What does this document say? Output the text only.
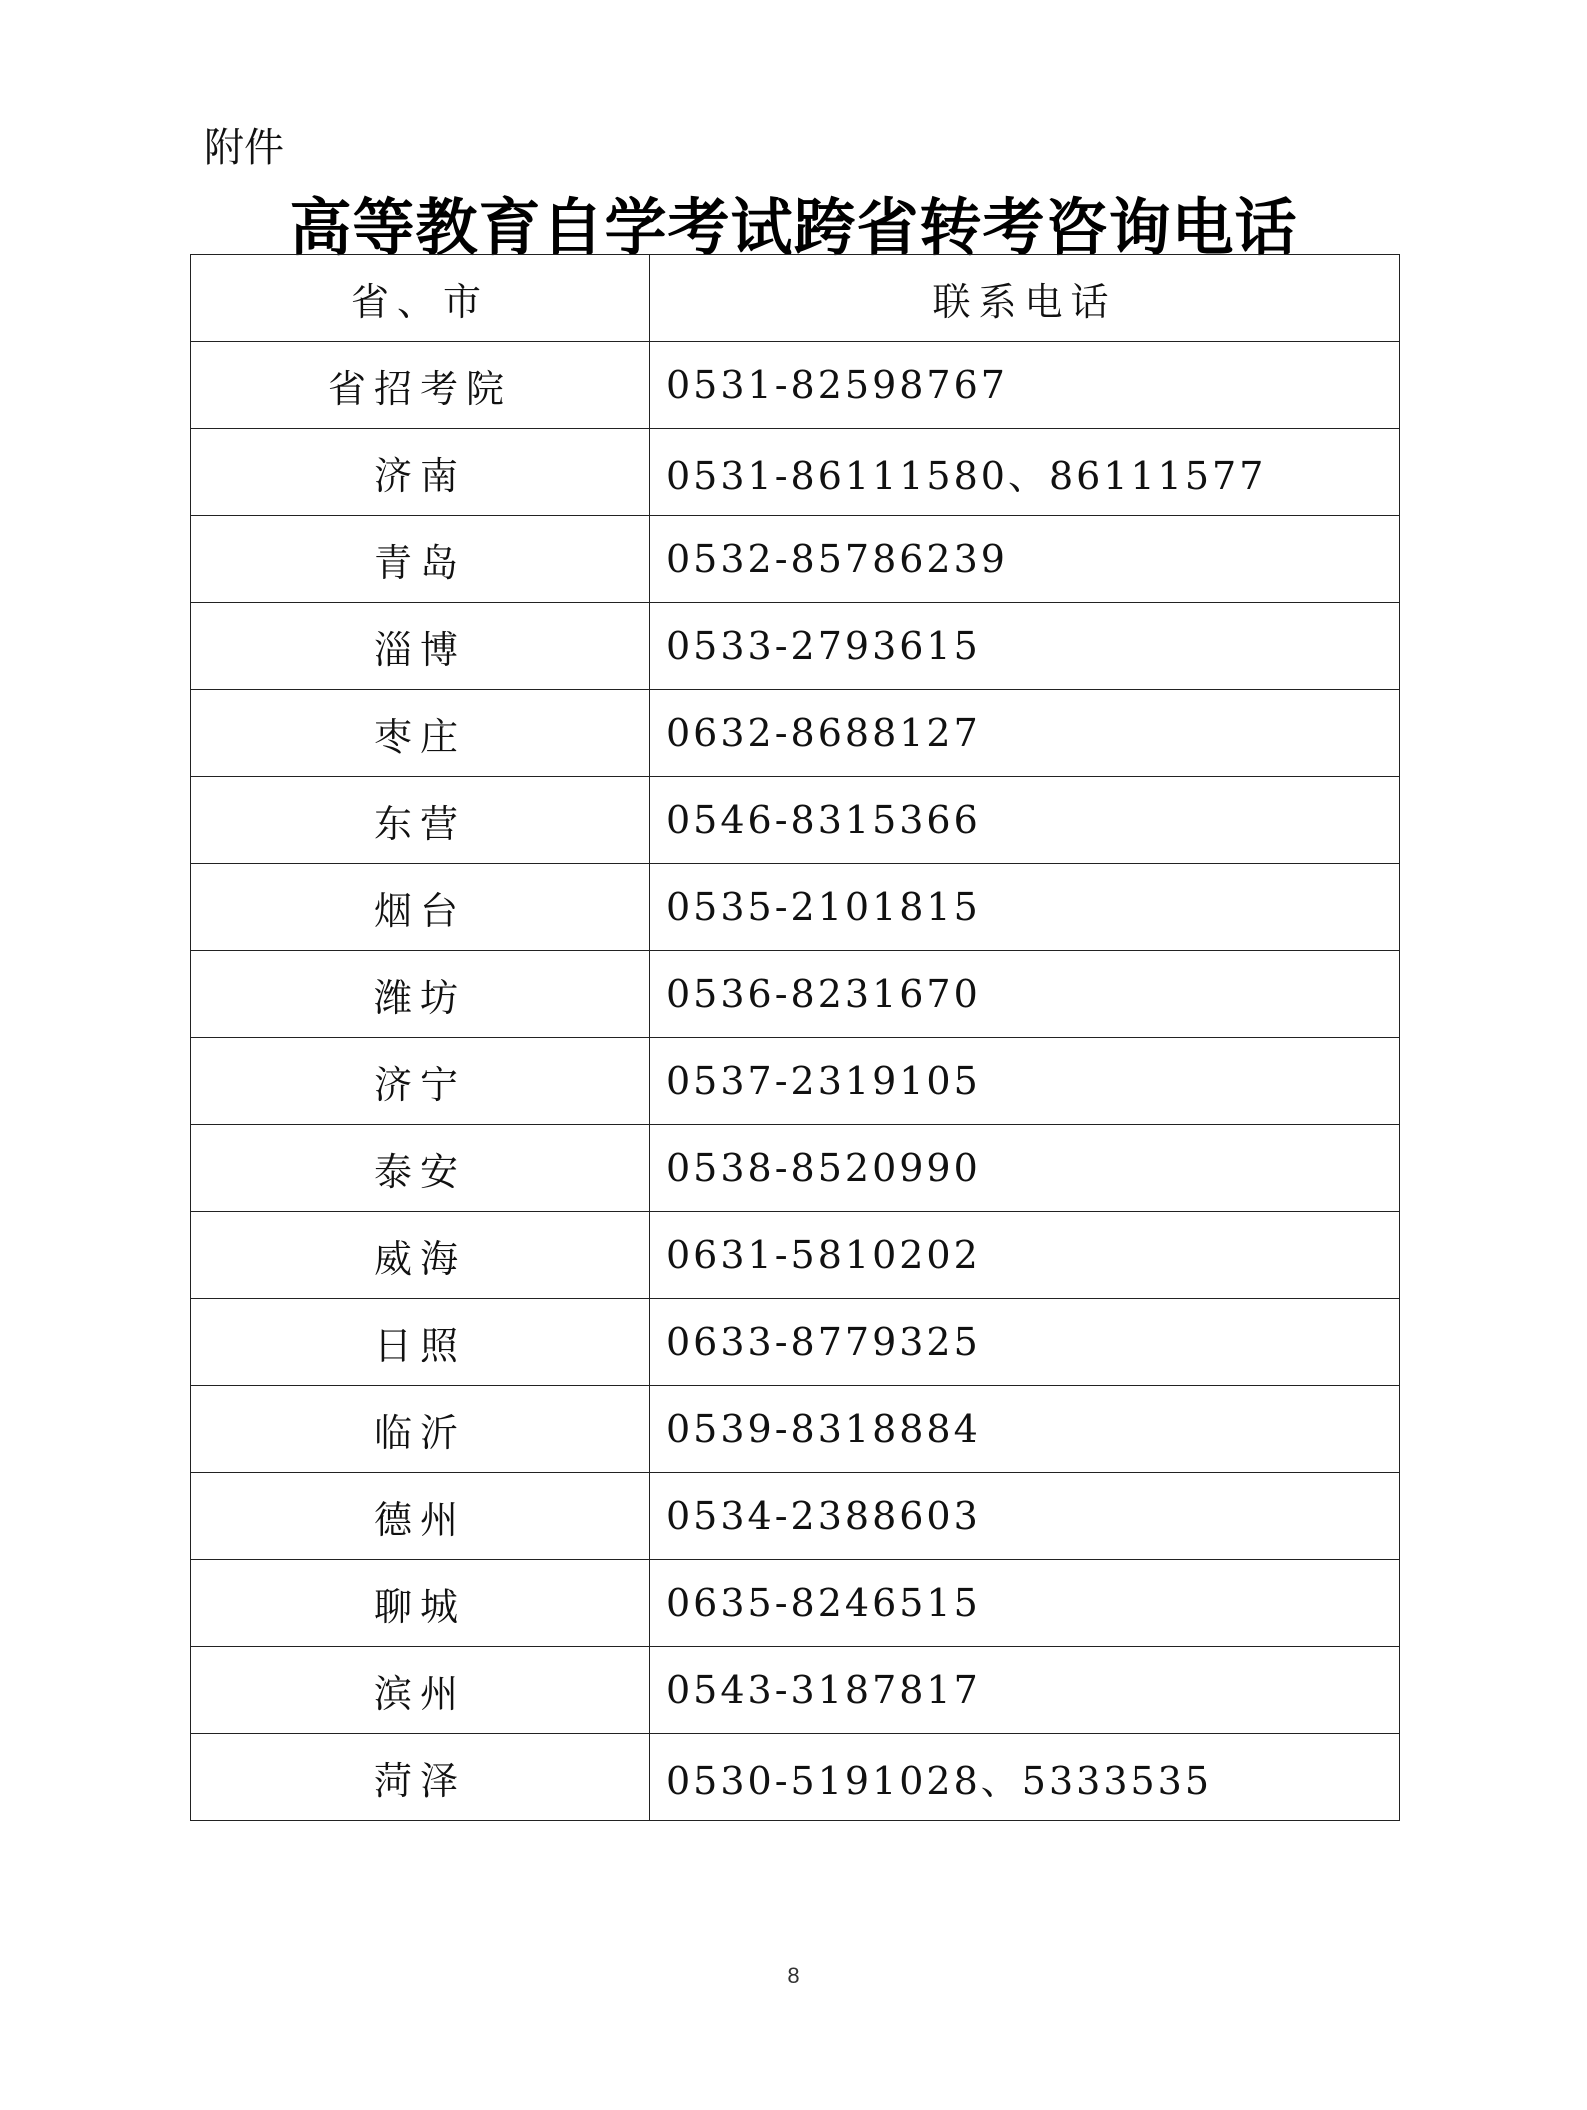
附件
高等教育自学考试跨省转考咨询电话
省、市	联系电话
省招考院	0531-82598767
济南	0531-86111580、86111577
青岛	0532-85786239
淄博	0533-2793615
枣庄	0632-8688127
东营	0546-8315366
烟台	0535-2101815
潍坊	0536-8231670
济宁	0537-2319105
泰安	0538-8520990
威海	0631-5810202
日照	0633-8779325
临沂	0539-8318884
德州	0534-2388603
聊城	0635-8246515
滨州	0543-3187817
菏泽	0530-5191028、5333535
8
